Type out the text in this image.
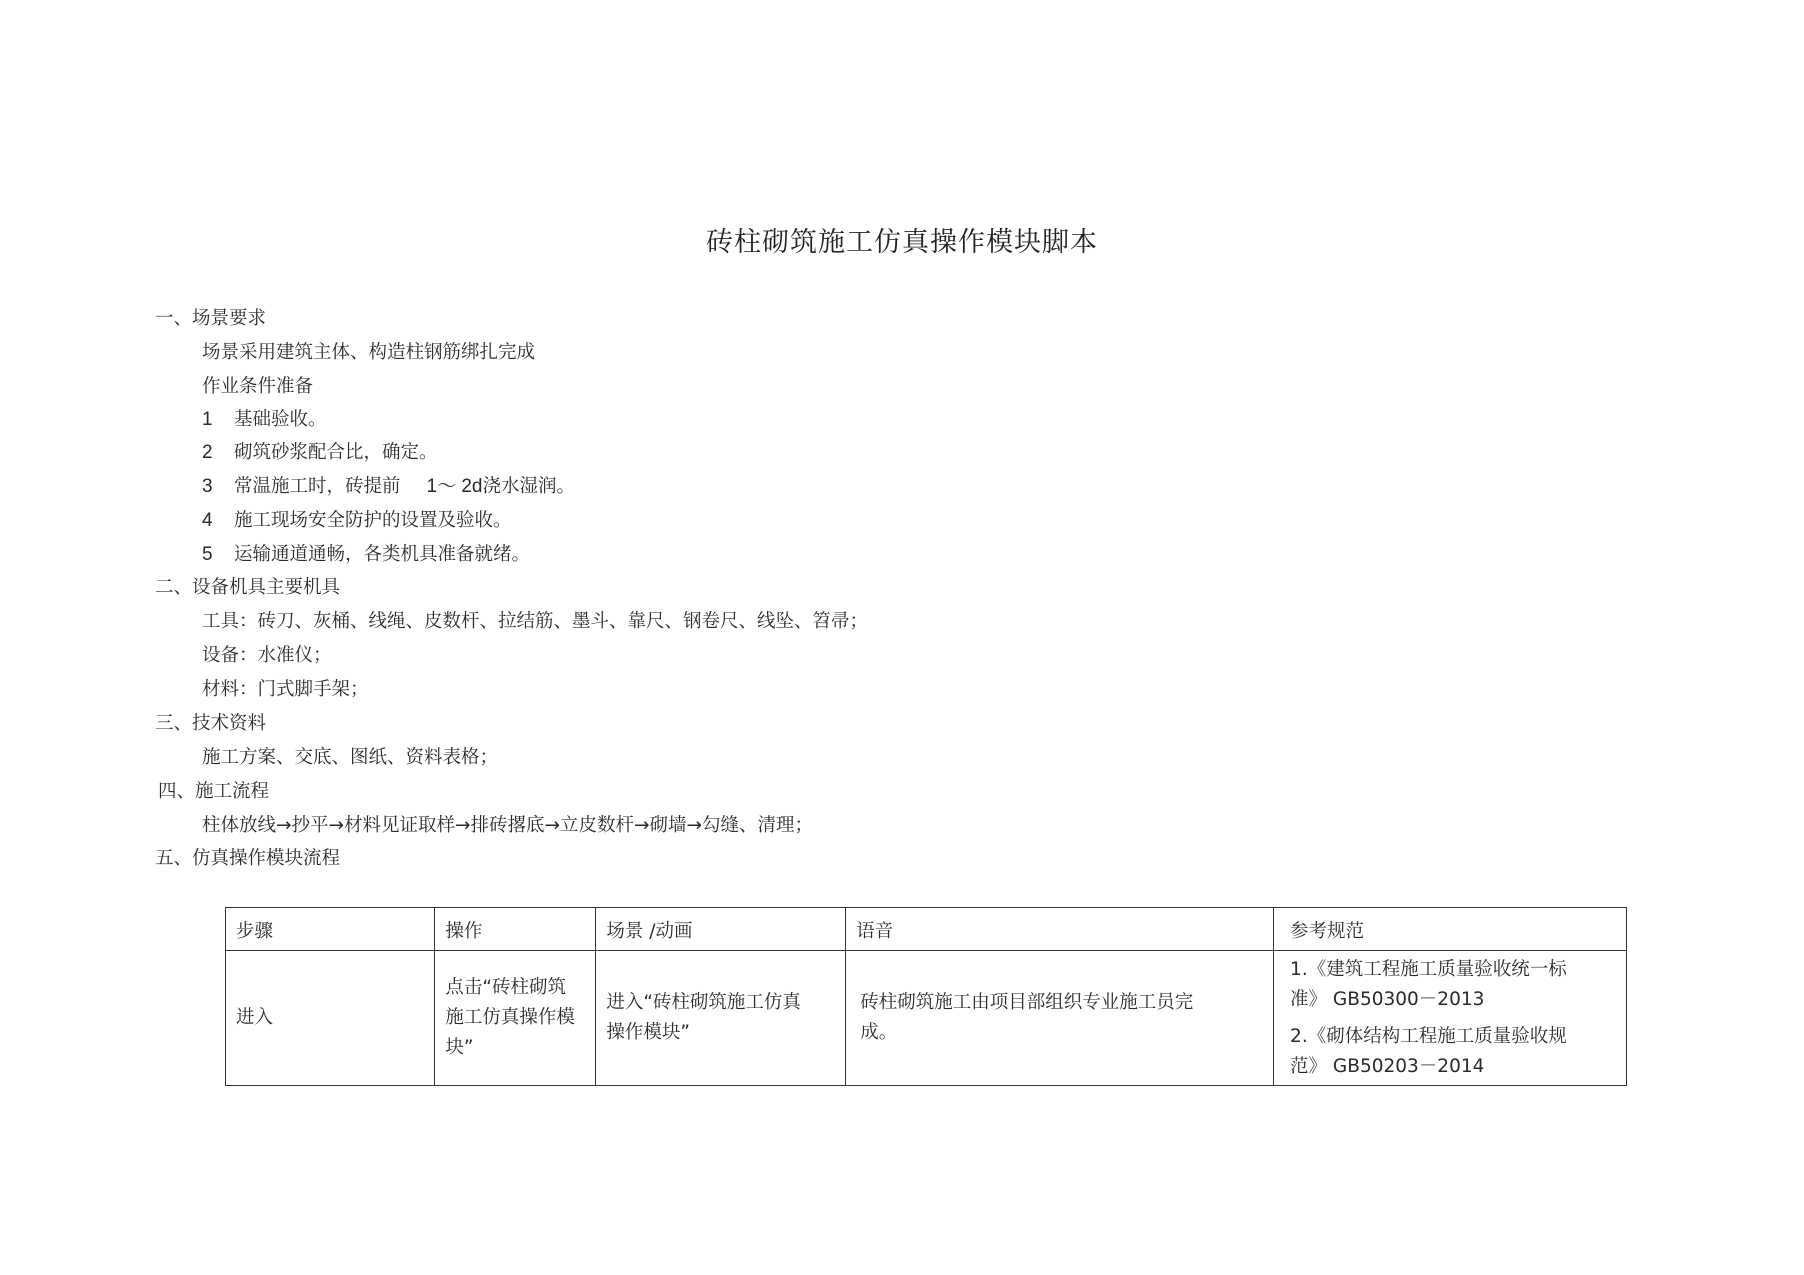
砖柱砌筑施工仿真操作模块脚本
一、场景要求
场景采用建筑主体、构造柱钢筋绑扎完成
作业条件准备
1 基础验收。
2 砌筑砂浆配合比，确定。
3 常温施工时，砖提前 1～ 2d浇水湿润。
4 施工现场安全防护的设置及验收。
5 运输通道通畅，各类机具准备就绪。
二、设备机具主要机具
工具：砖刀、灰桶、线绳、皮数杆、拉结筋、墨斗、靠尺、钢卷尺、线坠、笤帚；
设备：水准仪；
材料：门式脚手架；
三、技术资料
施工方案、交底、图纸、资料表格；
四、施工流程
柱体放线→抄平→材料见证取样→排砖撂底→立皮数杆→砌墙→勾缝、清理；
五、仿真操作模块流程
步骤	操作	场景 /动画	语音	参考规范
进入	点击“砖柱砌筑施工仿真操作模块”	进入“砖柱砌筑施工仿真操作模块”	砖柱砌筑施工由项目部组织专业施工员完成。	1.《建筑工程施工质量验收统一标准》 GB50300－2013
2.《砌体结构工程施工质量验收规范》 GB50203－2014
